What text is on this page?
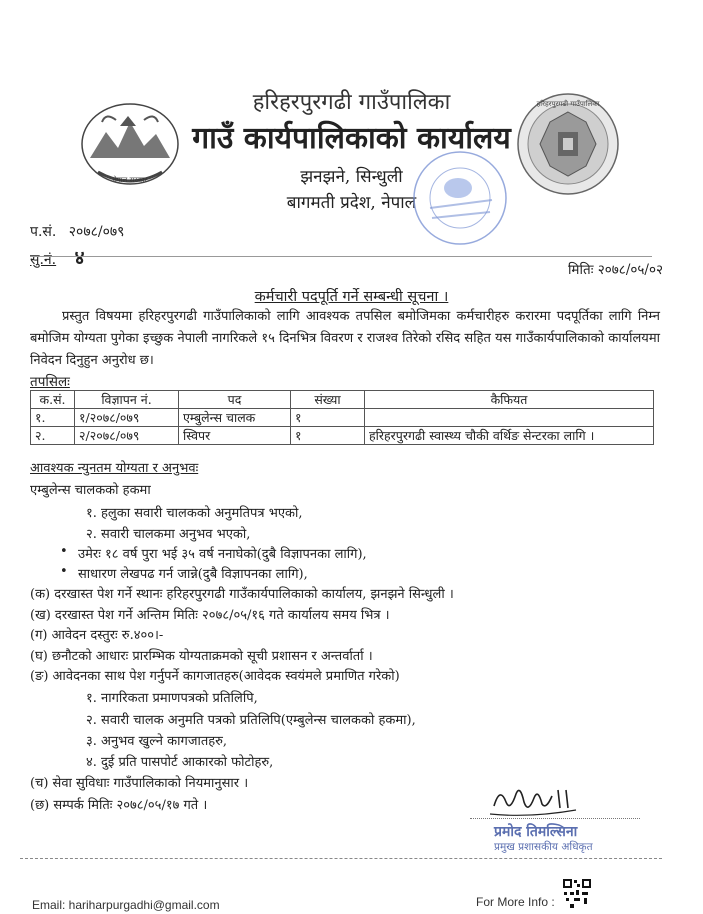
नेपाल सरकार
हरिहरपुरगढी गाउँपालिका
गाउँ कार्यपालिकाको कार्यालय
झनझने, सिन्धुली
बागमती प्रदेश, नेपाल
हरिहरपुरगढी गाउँपालिका
प.सं. २०७८/०७९
सु.नं. ४
मितिः २०७८/०५/०२
कर्मचारी पदपूर्ति गर्ने सम्बन्धी सूचना ।
प्रस्तुत विषयमा हरिहरपुरगढी गाउँपालिकाको लागि आवश्यक तपसिल बमोजिमका कर्मचारीहरु करारमा पदपूर्तिका लागि निम्न बमोजिम योग्यता पुगेका इच्छुक नेपाली नागरिकले १५ दिनभित्र विवरण र राजश्व तिरेको रसिद सहित यस गाउँकार्यपालिकाको कार्यालयमा निवेदन दिनुहुन अनुरोध छ।
तपसिलः
क.सं.	विज्ञापन नं.	पद	संख्या	कैफियत
१.	१/२०७८/०७९	एम्बुलेन्स चालक	१	
२.	२/२०७८/०७९	स्विपर	१	हरिहरपुरगढी स्वास्थ्य चौकी वर्थिङ सेन्टरका लागि ।
आवश्यक न्युनतम योग्यता र अनुभवः
एम्बुलेन्स चालकको हकमा
१. हलुका सवारी चालकको अनुमतिपत्र भएको,
२. सवारी चालकमा अनुभव भएको,
• उमेरः १८ वर्ष पुरा भई ३५ वर्ष ननाघेको(दुबै विज्ञापनका लागि),
• साधारण लेखपढ गर्न जान्ने(दुबै विज्ञापनका लागि),
(क) दरखास्त पेश गर्ने स्थानः हरिहरपुरगढी गाउँकार्यपालिकाको कार्यालय, झनझने सिन्धुली ।
(ख) दरखास्त पेश गर्ने अन्तिम मितिः २०७८/०५/१६ गते कार्यालय समय भित्र ।
(ग) आवेदन दस्तुरः रु.४००।-
(घ) छनौटको आधारः प्रारम्भिक योग्यताक्रमको सूची प्रशासन र अन्तर्वार्ता ।
(ङ) आवेदनका साथ पेश गर्नुपर्ने कागजातहरु(आवेदक स्वयंमले प्रमाणित गरेको)
१. नागरिकता प्रमाणपत्रको प्रतिलिपि,
२. सवारी चालक अनुमति पत्रको प्रतिलिपि(एम्बुलेन्स चालकको हकमा),
३. अनुभव खुल्ने कागजातहरु,
४. दुई प्रति पासपोर्ट आकारको फोटोहरु,
(च) सेवा सुविधाः गाउँपालिकाको नियमानुसार ।
(छ) सम्पर्क मितिः २०७८/०५/१७ गते ।
प्रमोद तिमल्सिना
प्रमुख प्रशासकीय अधिकृत
Email: hariharpurgadhi@gmail.com	For More Info :
